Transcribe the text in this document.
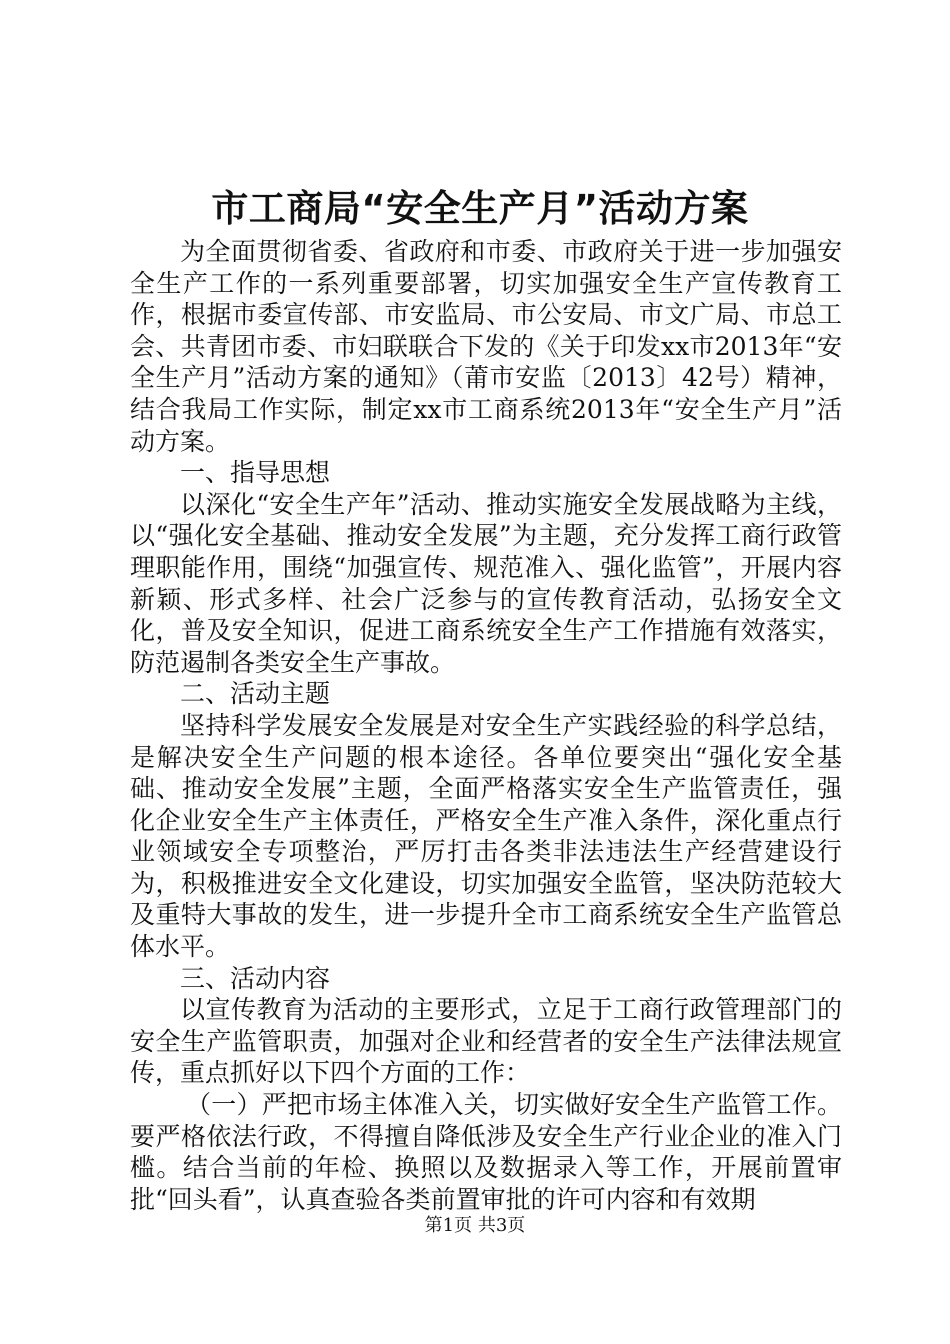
市工商局“安全生产月”活动方案

为全面贯彻省委、省政府和市委、市政府关于进一步加强安全生产工作的一系列重要部署，切实加强安全生产宣传教育工作，根据市委宣传部、市安监局、市公安局、市文广局、市总工会、共青团市委、市妇联联合下发的《关于印发xx市2013年“安全生产月”活动方案的通知》（莆市安监〔2013〕42号）精神，结合我局工作实际，制定xx市工商系统2013年“安全生产月”活动方案。

一、指导思想

以深化“安全生产年”活动、推动实施安全发展战略为主线，以“强化安全基础、推动安全发展”为主题，充分发挥工商行政管理职能作用，围绕“加强宣传、规范准入、强化监管”，开展内容新颖、形式多样、社会广泛参与的宣传教育活动，弘扬安全文化，普及安全知识，促进工商系统安全生产工作措施有效落实，防范遏制各类安全生产事故。

二、活动主题

坚持科学发展安全发展是对安全生产实践经验的科学总结，是解决安全生产问题的根本途径。各单位要突出“强化安全基础、推动安全发展”主题，全面严格落实安全生产监管责任，强化企业安全生产主体责任，严格安全生产准入条件，深化重点行业领域安全专项整治，严厉打击各类非法违法生产经营建设行为，积极推进安全文化建设，切实加强安全监管，坚决防范较大及重特大事故的发生，进一步提升全市工商系统安全生产监管总体水平。

三、活动内容

以宣传教育为活动的主要形式，立足于工商行政管理部门的安全生产监管职责，加强对企业和经营者的安全生产法律法规宣传，重点抓好以下四个方面的工作：

（一）严把市场主体准入关，切实做好安全生产监管工作。要严格依法行政，不得擅自降低涉及安全生产行业企业的准入门槛。结合当前的年检、换照以及数据录入等工作，开展前置审批“回头看”，认真查验各类前置审批的许可内容和有效期

第1页 共3页
